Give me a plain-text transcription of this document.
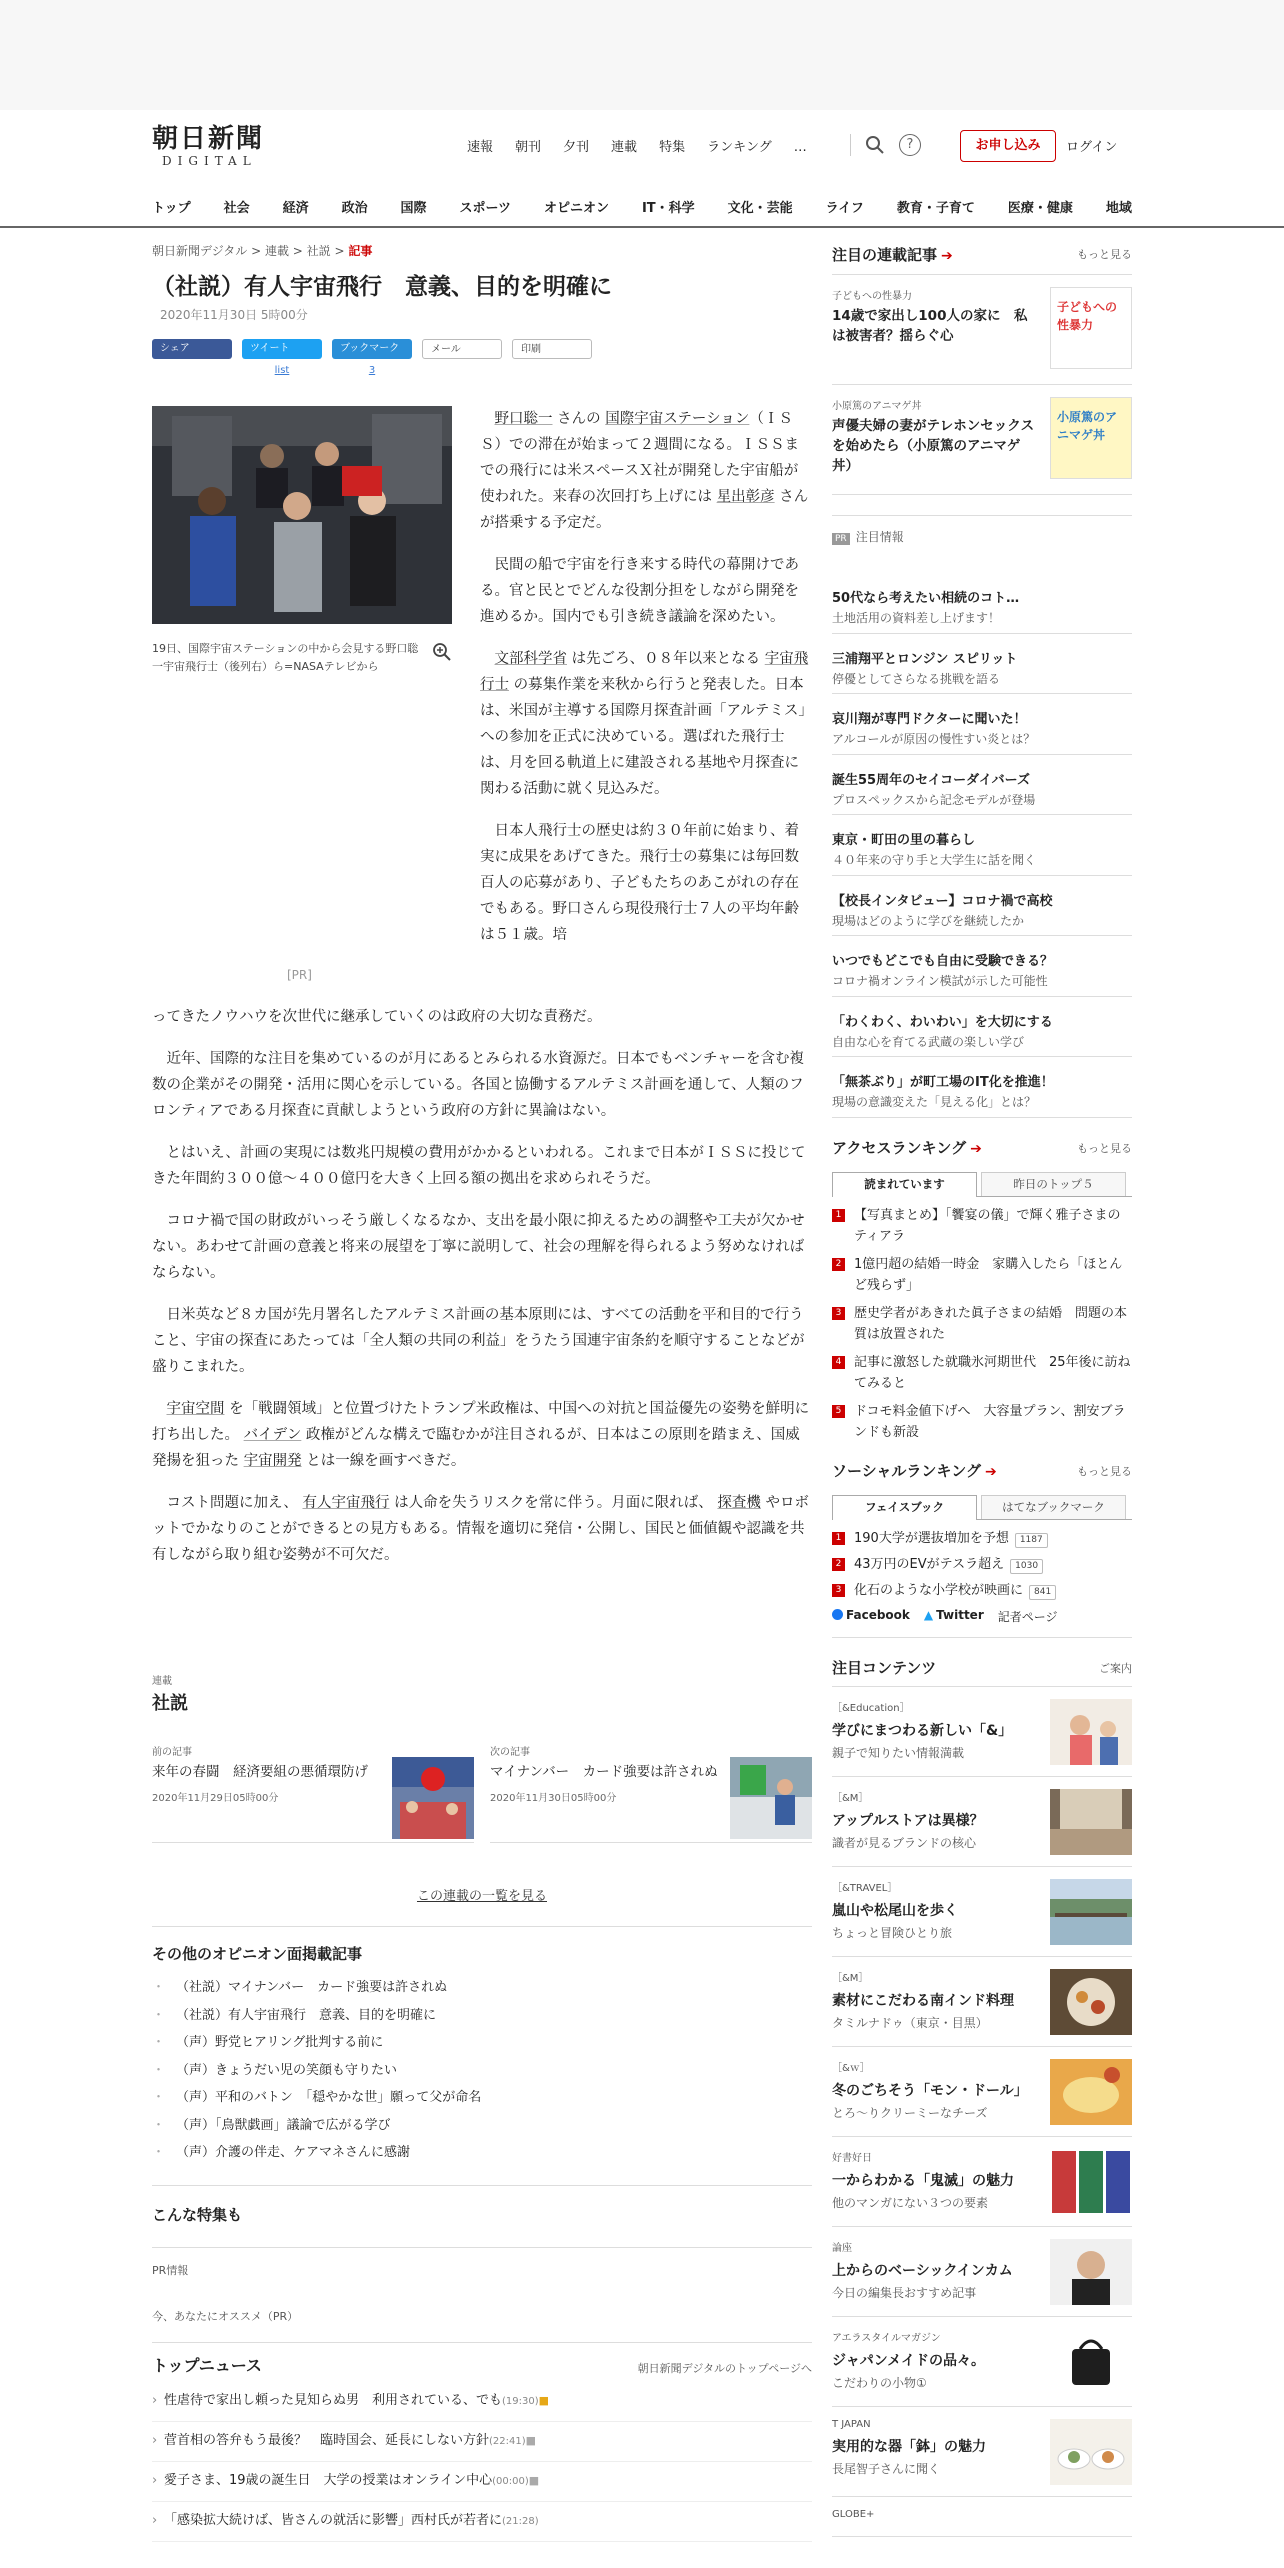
朝日新聞
DIGITAL
速報	朝刊	夕刊	連載	特集	ランキング	…	?	お申し込み	ログイン
トップ	社会	経済	政治	国際	スポーツ	オピニオン	IT・科学	文化・芸能	ライフ	教育・子育て	医療・健康	地域
朝日新聞デジタル > 連載 > 社説 > 記事
（社説）有人宇宙飛行　意義、目的を明確に
2020年11月30日 5時00分
シェア	ツイート
list
ブックマーク
3
メール	印刷
19日、国際宇宙ステーションの中から会見する野口聡一宇宙飛行士（後列右）ら=NASAテレビから
[PR]

野口聡一 さんの 国際宇宙ステーション（ＩＳＳ）での滞在が始まって２週間になる。ＩＳＳまでの飛行には米スペースＸ社が開発した宇宙船が使われた。来春の次回打ち上げには 星出彰彦 さんが搭乗する予定だ。

民間の船で宇宙を行き来する時代の幕開けである。官と民とでどんな役割分担をしながら開発を進めるか。国内でも引き続き議論を深めたい。

文部科学省 は先ごろ、０８年以来となる 宇宙飛行士 の募集作業を来秋から行うと発表した。日本は、米国が主導する国際月探査計画「アルテミス」への参加を正式に決めている。選ばれた飛行士は、月を回る軌道上に建設される基地や月探査に関わる活動に就く見込みだ。

日本人飛行士の歴史は約３０年前に始まり、着実に成果をあげてきた。飛行士の募集には毎回数百人の応募があり、子どもたちのあこがれの存在でもある。野口さんら現役飛行士７人の平均年齢は５１歳。培

ってきたノウハウを次世代に継承していくのは政府の大切な責務だ。

近年、国際的な注目を集めているのが月にあるとみられる水資源だ。日本でもベンチャーを含む複数の企業がその開発・活用に関心を示している。各国と協働するアルテミス計画を通して、人類のフロンティアである月探査に貢献しようという政府の方針に異論はない。

とはいえ、計画の実現には数兆円規模の費用がかかるといわれる。これまで日本がＩＳＳに投じてきた年間約３００億～４００億円を大きく上回る額の拠出を求められそうだ。

コロナ禍で国の財政がいっそう厳しくなるなか、支出を最小限に抑えるための調整や工夫が欠かせない。あわせて計画の意義と将来の展望を丁寧に説明して、社会の理解を得られるよう努めなければならない。

日米英など８カ国が先月署名したアルテミス計画の基本原則には、すべての活動を平和目的で行うこと、宇宙の探査にあたっては「全人類の共同の利益」をうたう国連宇宙条約を順守することなどが盛りこまれた。

宇宙空間 を「戦闘領域」と位置づけたトランプ米政権は、中国への対抗と国益優先の姿勢を鮮明に打ち出した。 バイデン 政権がどんな構えで臨むかが注目されるが、日本はこの原則を踏まえ、国威発揚を狙った 宇宙開発 とは一線を画すべきだ。

コスト問題に加え、 有人宇宙飛行 は人命を失うリスクを常に伴う。月面に限れば、 探査機 やロボットでかなりのことができるとの見方もある。情報を適切に発信・公開し、国民と価値観や認識を共有しながら取り組む姿勢が不可欠だ。

連載
社説
前の記事
来年の春闘　経済要組の悪循環防げ
2020年11月29日05時00分
次の記事
マイナンバー　カード強要は許されぬ
2020年11月30日05時00分
この連載の一覧を見る
その他のオピニオン面掲載記事
・ （社説）マイナンバー　カード強要は許されぬ
・ （社説）有人宇宙飛行　意義、目的を明確に
・ （声）野党ヒアリング批判する前に
・ （声）きょうだい児の笑顔も守りたい
・ （声）平和のバトン　「穏やかな世」願って父が命名
・ （声）「鳥獣戯画」議論で広がる学び
・ （声）介護の伴走、ケアマネさんに感謝
こんな特集も
PR情報
今、あなたにオススメ（PR）
トップニュース	朝日新聞デジタルのトップページへ
› 性虐待で家出し頼った見知らぬ男　利用されている、でも(19:30)■
› 菅首相の答弁もう最後？　臨時国会、延長にしない方針(22:41)■
› 愛子さま、19歳の誕生日　大学の授業はオンライン中心(00:00)■
› 「感染拡大続けば、皆さんの就活に影響」西村氏が若者に(21:28)
注目の連載記事 ➔	もっと見る
子どもへの性暴力
14歳で家出し100人の家に　私は被害者？揺らぐ心
子どもへの性暴力
小原篤のアニマゲ丼
声優夫婦の妻がテレホンセックスを始めたら（小原篤のアニマゲ丼）
小原篤のアニマゲ丼
PR 注目情報
50代なら考えたい相続のコト…
土地活用の資料差し上げます！
三浦翔平とロンジン スピリット
停優としてさらなる挑戦を語る
哀川翔が専門ドクターに聞いた！
アルコールが原因の慢性すい炎とは？
誕生55周年のセイコーダイバーズ
プロスペックスから記念モデルが登場
東京・町田の里の暮らし
４０年来の守り手と大学生に話を聞く
【校長インタビュー】コロナ禍で高校
現場はどのように学びを継続したか
いつでもどこでも自由に受験できる？
コロナ禍オンライン模試が示した可能性
「わくわく、わいわい」を大切にする
自由な心を育てる武蔵の楽しい学び
「無茶ぶり」が町工場のIT化を推進！
現場の意識変えた「見える化」とは？
アクセスランキング ➔	もっと見る
読まれています	昨日のトップ５
1 【写真まとめ】「饗宴の儀」で輝く雅子さまのティアラ
2 1億円超の結婚一時金　家購入したら「ほとんど残らず」
3 歴史学者があきれた眞子さまの結婚　問題の本質は放置された
4 記事に激怒した就職氷河期世代　25年後に訪ねてみると
5 ドコモ料金値下げへ　大容量プラン、割安ブランドも新設
ソーシャルランキング ➔	もっと見る
フェイスブック	はてなブックマーク
1 190大学が選抜増加を予想 1187
2 43万円のEVがテスラ超え 1030
3 化石のような小学校が映画に 841
Facebook ▲ Twitter 記者ページ
注目コンテンツ	ご案内
［&Education］
学びにまつわる新しい「&」
親子で知りたい情報満載
［&M］
アップルストアは異様？
識者が見るブランドの核心
［&TRAVEL］
嵐山や松尾山を歩く
ちょっと冒険ひとり旅
［&M］
素材にこだわる南インド料理
タミルナドゥ（東京・目黒）
［&ｗ］
冬のごちそう「モン・ドール」
とろ～りクリーミーなチーズ
好書好日
一からわかる「鬼滅」の魅力
他のマンガにない３つの要素
論座
上からのベーシックインカム
今日の編集長おすすめ記事
アエラスタイルマガジン
ジャパンメイドの品々。
こだわりの小物①
T JAPAN
実用的な器「鉢」の魅力
長尾智子さんに聞く
GLOBE+
